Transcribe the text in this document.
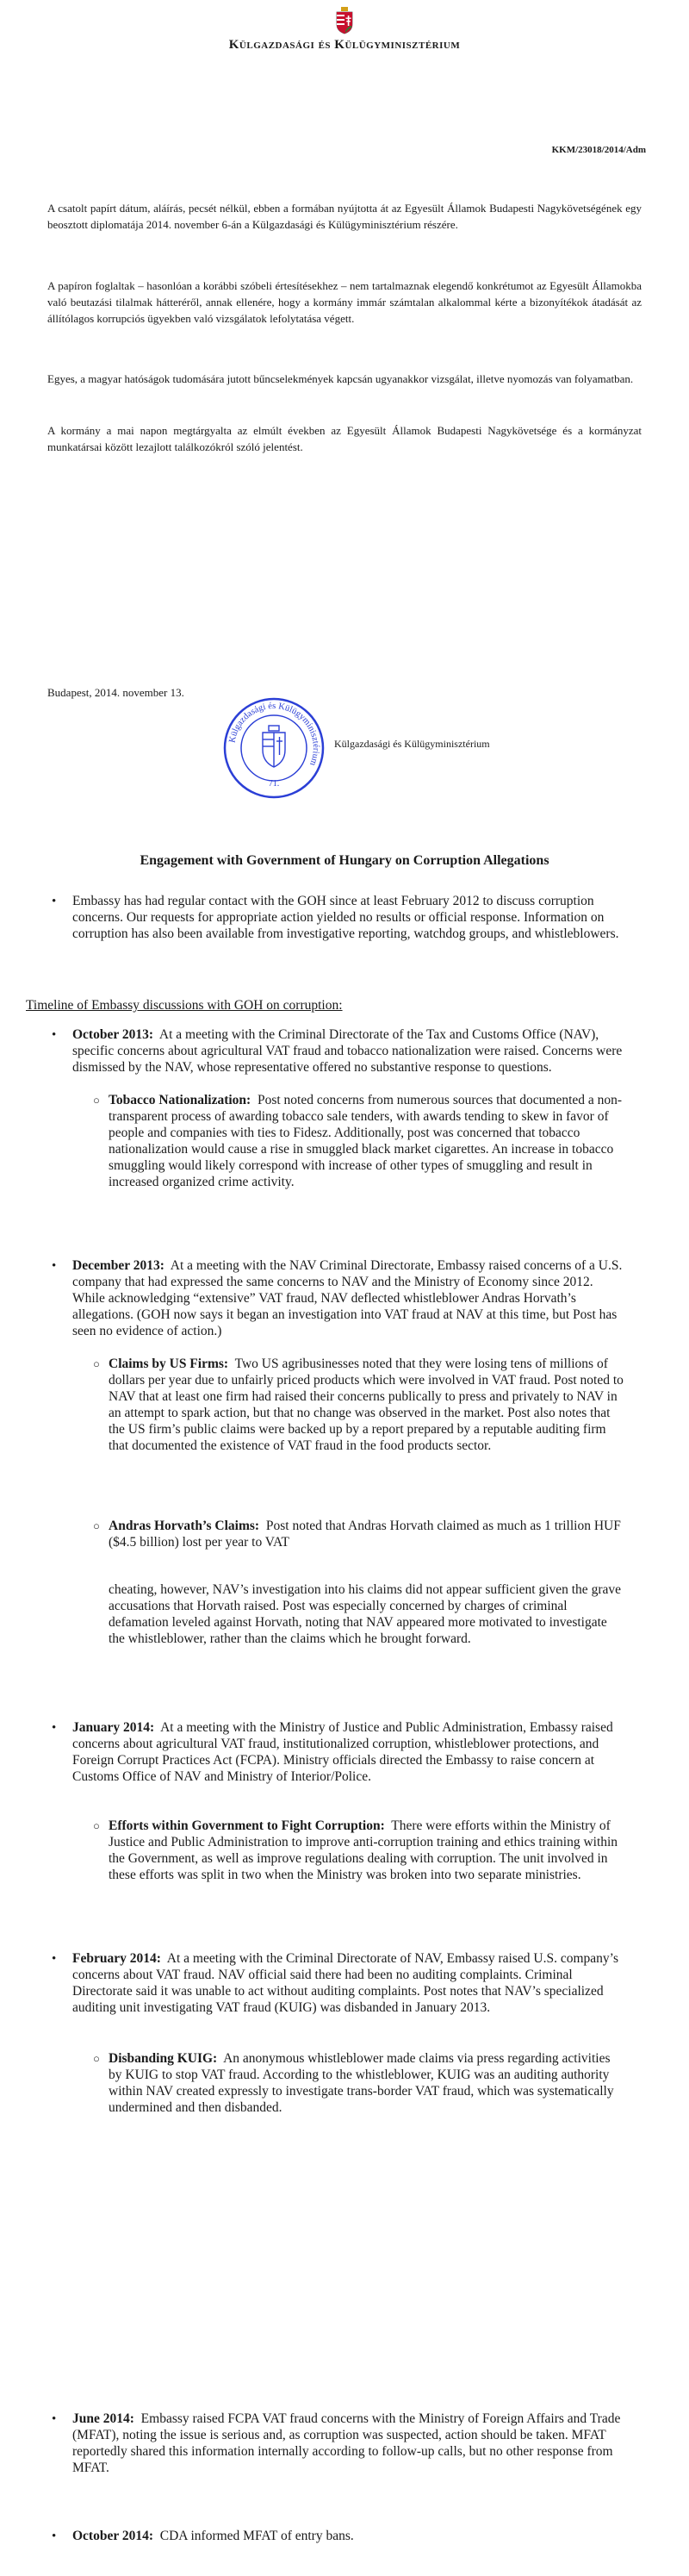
Külgazdasági és Külügyminisztérium
KKM/23018/2014/Adm

A csatolt papírt dátum, aláírás, pecsét nélkül, ebben a formában nyújtotta át az Egyesült Államok Budapesti Nagykövetségének egy beosztott diplomatája 2014. november 6-án a Külgazdasági és Külügyminisztérium részére.

A papíron foglaltak – hasonlóan a korábbi szóbeli értesítésekhez – nem tartalmaznak elegendő konkrétumot az Egyesült Államokba való beutazási tilalmak hátteréről, annak ellenére, hogy a kormány immár számtalan alkalommal kérte a bizonyítékok átadását az állítólagos korrupciós ügyekben való vizsgálatok lefolytatása végett.

Egyes, a magyar hatóságok tudomására jutott bűncselekmények kapcsán ugyanakkor vizsgálat, illetve nyomozás van folyamatban.

A kormány a mai napon megtárgyalta az elmúlt években az Egyesült Államok Budapesti Nagykövetsége és a kormányzat munkatársai között lezajlott találkozókról szóló jelentést.

Budapest, 2014. november 13.
Külgazdasági és Külügyminisztérium
71.
Külgazdasági és Külügyminisztérium
Engagement with Government of Hungary on Corruption Allegations
• Embassy has had regular contact with the GOH since at least February 2012 to discuss corruption concerns. Our requests for appropriate action yielded no results or official response. Information on corruption has also been available from investigative reporting, watchdog groups, and whistleblowers.
Timeline of Embassy discussions with GOH on corruption:
• October 2013: At a meeting with the Criminal Directorate of the Tax and Customs Office (NAV), specific concerns about agricultural VAT fraud and tobacco nationalization were raised. Concerns were dismissed by the NAV, whose representative offered no substantive response to questions.
○ Tobacco Nationalization: Post noted concerns from numerous sources that documented a non-transparent process of awarding tobacco sale tenders, with awards tending to skew in favor of people and companies with ties to Fidesz. Additionally, post was concerned that tobacco nationalization would cause a rise in smuggled black market cigarettes. An increase in tobacco smuggling would likely correspond with increase of other types of smuggling and result in increased organized crime activity.
• December 2013: At a meeting with the NAV Criminal Directorate, Embassy raised concerns of a U.S. company that had expressed the same concerns to NAV and the Ministry of Economy since 2012. While acknowledging “extensive” VAT fraud, NAV deflected whistleblower Andras Horvath’s allegations. (GOH now says it began an investigation into VAT fraud at NAV at this time, but Post has seen no evidence of action.)
○ Claims by US Firms: Two US agribusinesses noted that they were losing tens of millions of dollars per year due to unfairly priced products which were involved in VAT fraud. Post noted to NAV that at least one firm had raised their concerns publically to press and privately to NAV in an attempt to spark action, but that no change was observed in the market. Post also notes that the US firm’s public claims were backed up by a report prepared by a reputable auditing firm that documented the existence of VAT fraud in the food products sector.
○ Andras Horvath’s Claims: Post noted that Andras Horvath claimed as much as 1 trillion HUF ($4.5 billion) lost per year to VAT
cheating, however, NAV’s investigation into his claims did not appear sufficient given the grave accusations that Horvath raised. Post was especially concerned by charges of criminal defamation leveled against Horvath, noting that NAV appeared more motivated to investigate the whistleblower, rather than the claims which he brought forward.
• January 2014: At a meeting with the Ministry of Justice and Public Administration, Embassy raised concerns about agricultural VAT fraud, institutionalized corruption, whistleblower protections, and Foreign Corrupt Practices Act (FCPA). Ministry officials directed the Embassy to raise concern at Customs Office of NAV and Ministry of Interior/Police.
○ Efforts within Government to Fight Corruption: There were efforts within the Ministry of Justice and Public Administration to improve anti-corruption training and ethics training within the Government, as well as improve regulations dealing with corruption. The unit involved in these efforts was split in two when the Ministry was broken into two separate ministries.
• February 2014: At a meeting with the Criminal Directorate of NAV, Embassy raised U.S. company’s concerns about VAT fraud. NAV official said there had been no auditing complaints. Criminal Directorate said it was unable to act without auditing complaints. Post notes that NAV’s specialized auditing unit investigating VAT fraud (KUIG) was disbanded in January 2013.
○ Disbanding KUIG: An anonymous whistleblower made claims via press regarding activities by KUIG to stop VAT fraud. According to the whistleblower, KUIG was an auditing authority within NAV created expressly to investigate trans-border VAT fraud, which was systematically undermined and then disbanded.
• June 2014: Embassy raised FCPA VAT fraud concerns with the Ministry of Foreign Affairs and Trade (MFAT), noting the issue is serious and, as corruption was suspected, action should be taken. MFAT reportedly shared this information internally according to follow-up calls, but no other response from MFAT.
• October 2014: CDA informed MFAT of entry bans.
